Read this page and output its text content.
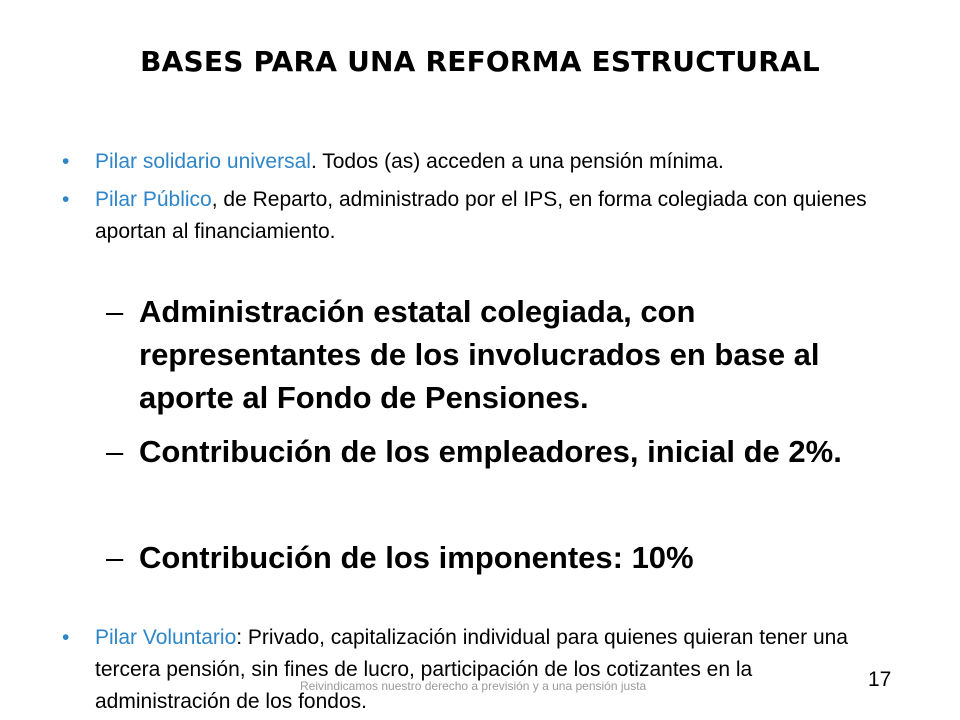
BASES PARA UNA REFORMA ESTRUCTURAL
• Pilar solidario universal. Todos (as) acceden a una pensión mínima.
• Pilar Público, de Reparto, administrado por el IPS, en forma colegiada con quienes aportan al financiamiento.
– Administración estatal colegiada, con representantes de los involucrados en base al aporte al Fondo de Pensiones.
– Contribución de los empleadores, inicial de 2%.
– Contribución de los imponentes: 10%
• Pilar Voluntario: Privado, capitalización individual para quienes quieran tener una tercera pensión, sin fines de lucro, participación de los cotizantes en la administración de los fondos.
Reivindicamos nuestro derecho a previsión y a una pensión justa	17
